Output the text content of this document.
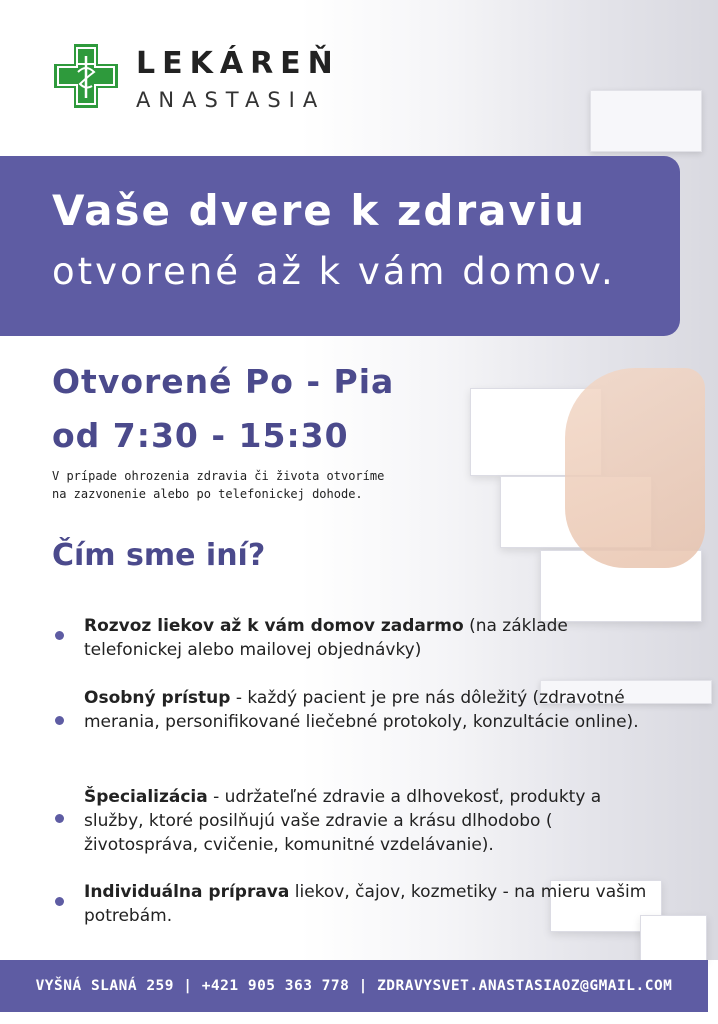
LEKÁREŇ
ANASTASIA
Vaše dvere k zdraviu
otvorené až k vám domov.
Otvorené Po - Pia
od 7:30 - 15:30
V prípade ohrozenia zdravia či života otvoríme
na zazvonenie alebo po telefonickej dohode.
Čím sme iní?
Rozvoz liekov až k vám domov zadarmo (na základe telefonickej alebo mailovej objednávky)
Osobný prístup - každý pacient je pre nás dôležitý (zdravotné merania, personifikované liečebné protokoly, konzultácie online).
Špecializácia - udržateľné zdravie a dlhovekosť, produkty a služby, ktoré posilňujú vaše zdravie a krásu dlhodobo ( životospráva, cvičenie, komunitné vzdelávanie).
Individuálna príprava liekov, čajov, kozmetiky - na mieru vašim potrebám.
VYŠNÁ SLANÁ 259 | +421 905 363 778 | ZDRAVYSVET.ANASTASIAOZ@GMAIL.COM
